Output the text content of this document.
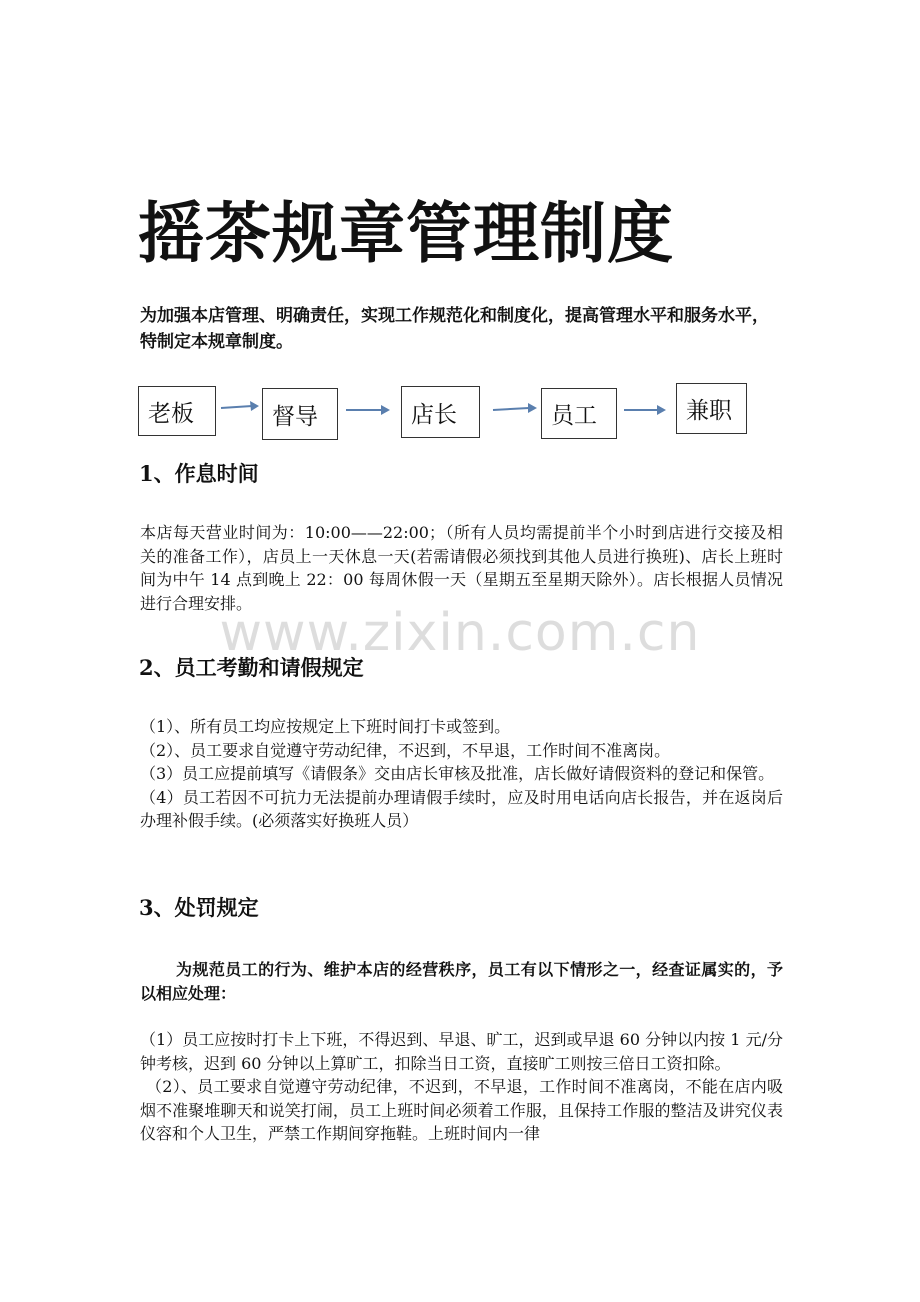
www.zixin.com.cn
摇茶规章管理制度

为加强本店管理、明确责任，实现工作规范化和制度化，提高管理水平和服务水平，特制定本规章制度。

老板	督导	店长	员工	兼职
1、作息时间

本店每天营业时间为：10:00——22:00；（所有人员均需提前半个小时到店进行交接及相关的准备工作），店员上一天休息一天(若需请假必须找到其他人员进行换班)、店长上班时间为中午 14 点到晚上 22：00 每周休假一天（星期五至星期天除外）。店长根据人员情况进行合理安排。

2、员工考勤和请假规定

（1）、所有员工均应按规定上下班时间打卡或签到。

（2）、员工要求自觉遵守劳动纪律，不迟到，不早退，工作时间不准离岗。

（3）员工应提前填写《请假条》交由店长审核及批准，店长做好请假资料的登记和保管。

（4）员工若因不可抗力无法提前办理请假手续时，应及时用电话向店长报告，并在返岗后办理补假手续。(必须落实好换班人员）

3、处罚规定

为规范员工的行为、维护本店的经营秩序，员工有以下情形之一，经查证属实的，予以相应处理：

（1）员工应按时打卡上下班，不得迟到、早退、旷工，迟到或早退 60 分钟以内按 1 元/分钟考核，迟到 60 分钟以上算旷工，扣除当日工资，直接旷工则按三倍日工资扣除。

（2）、员工要求自觉遵守劳动纪律，不迟到，不早退，工作时间不准离岗，不能在店内吸烟不准聚堆聊天和说笑打闹，员工上班时间必须着工作服，且保持工作服的整洁及讲究仪表仪容和个人卫生，严禁工作期间穿拖鞋。上班时间内一律
